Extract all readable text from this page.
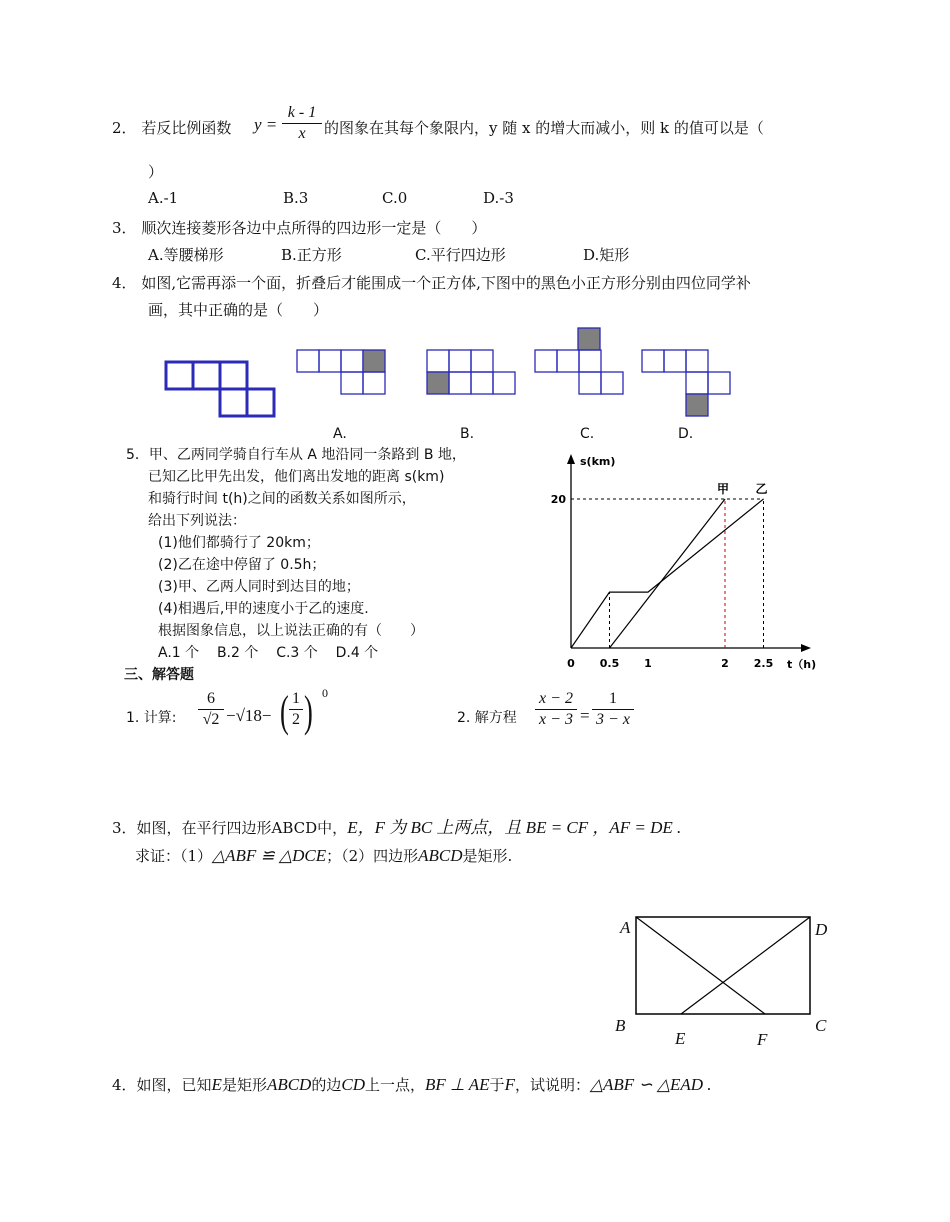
2． 若反比例函数 y =
k - 1
x	的图象在其每个象限内，y 随 x 的增大而减小，则 k 的值可以是（
）
A.-1	B.3	C.0	D.-3
3． 顺次连接菱形各边中点所得的四边形一定是（　　）
A.等腰梯形	B.正方形	C.平行四边形	D.矩形
4． 如图,它需再添一个面，折叠后才能围成一个正方体,下图中的黑色小正方形分别由四位同学补
画，其中正确的是（　　）
A.	B.	C.	D.
5．甲、乙两同学骑自行车从 A 地沿同一条路到 B 地，
已知乙比甲先出发，他们离出发地的距离 s(km)
和骑行时间 t(h)之间的函数关系如图所示，
给出下列说法：
(1)他们都骑行了 20km；
(2)乙在途中停留了 0.5h；
(3)甲、乙两人同时到达目的地；
(4)相遇后,甲的速度小于乙的速度.
根据图象信息，以上说法正确的有（　　）
A.1 个 B.2 个 C.3 个 D.4 个
s(km)
t（h)
0 0.5 1	2 2.5
20
甲 乙
三、解答题
1. 计算:
6
√2 −√18− ( 1
2 ) 0
2. 解方程
x − 2
x − 3 =
1
3 − x
3．如图，在平行四边形ABCD中，E，F 为 BC 上两点，且 BE = CF ，AF = DE .
求证：（1）△ABF ≌ △DCE；（2）四边形ABCD是矩形.
A	D
B	C
E	F
4．如图，已知E是矩形ABCD的边CD上一点，BF ⊥ AE于F，试说明：△ABF ∽ △EAD .
